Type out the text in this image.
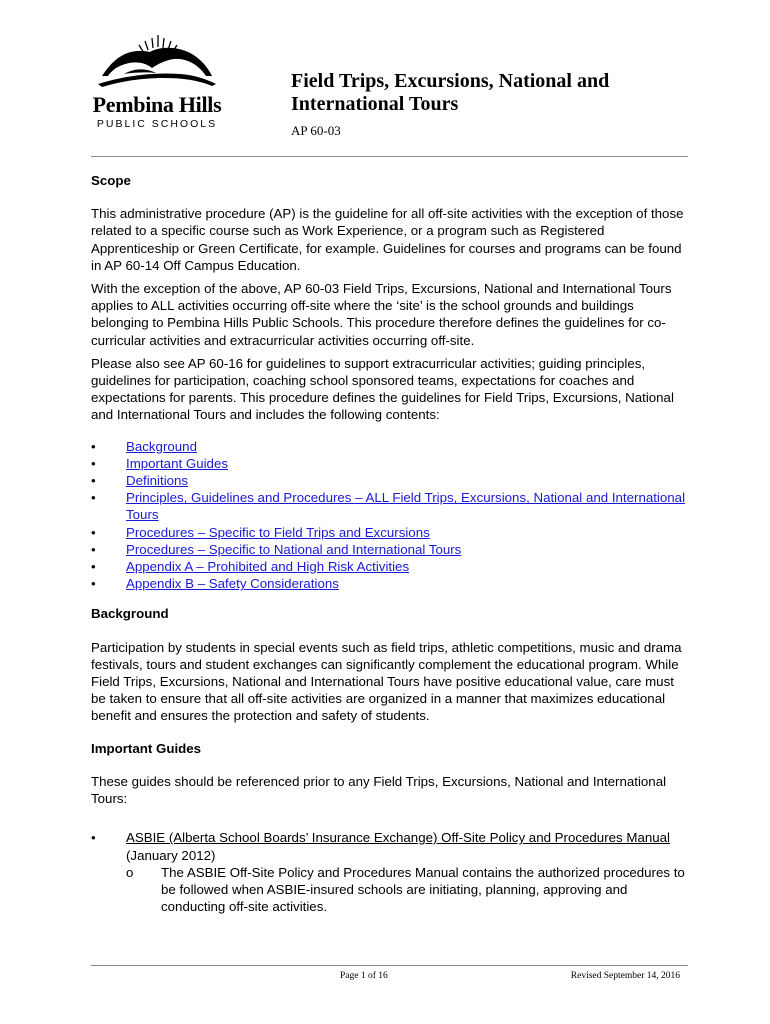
Pembina Hills
PUBLIC SCHOOLS
Field Trips, Excursions, National and International Tours
AP 60-03
Scope

This administrative procedure (AP) is the guideline for all off-site activities with the exception of those related to a specific course such as Work Experience, or a program such as Registered Apprenticeship or Green Certificate, for example. Guidelines for courses and programs can be found in AP 60-14 Off Campus Education.

With the exception of the above, AP 60-03 Field Trips, Excursions, National and International Tours applies to ALL activities occurring off-site where the ‘site’ is the school grounds and buildings belonging to Pembina Hills Public Schools. This procedure therefore defines the guidelines for co-curricular activities and extracurricular activities occurring off-site.

Please also see AP 60-16 for guidelines to support extracurricular activities; guiding principles, guidelines for participation, coaching school sponsored teams, expectations for coaches and expectations for parents. This procedure defines the guidelines for Field Trips, Excursions, National and International Tours and includes the following contents:

• Background
• Important Guides
• Definitions
• Principles, Guidelines and Procedures – ALL Field Trips, Excursions, National and International Tours
• Procedures – Specific to Field Trips and Excursions
• Procedures – Specific to National and International Tours
• Appendix A – Prohibited and High Risk Activities
• Appendix B – Safety Considerations
Background

Participation by students in special events such as field trips, athletic competitions, music and drama festivals, tours and student exchanges can significantly complement the educational program. While Field Trips, Excursions, National and International Tours have positive educational value, care must be taken to ensure that all off-site activities are organized in a manner that maximizes educational benefit and ensures the protection and safety of students.

Important Guides

These guides should be referenced prior to any Field Trips, Excursions, National and International Tours:

• ASBIE (Alberta School Boards’ Insurance Exchange) Off-Site Policy and Procedures Manual (January 2012)
o The ASBIE Off-Site Policy and Procedures Manual contains the authorized procedures to be followed when ASBIE-insured schools are initiating, planning, approving and conducting off-site activities.
Page 1 of 16	Revised September 14, 2016
